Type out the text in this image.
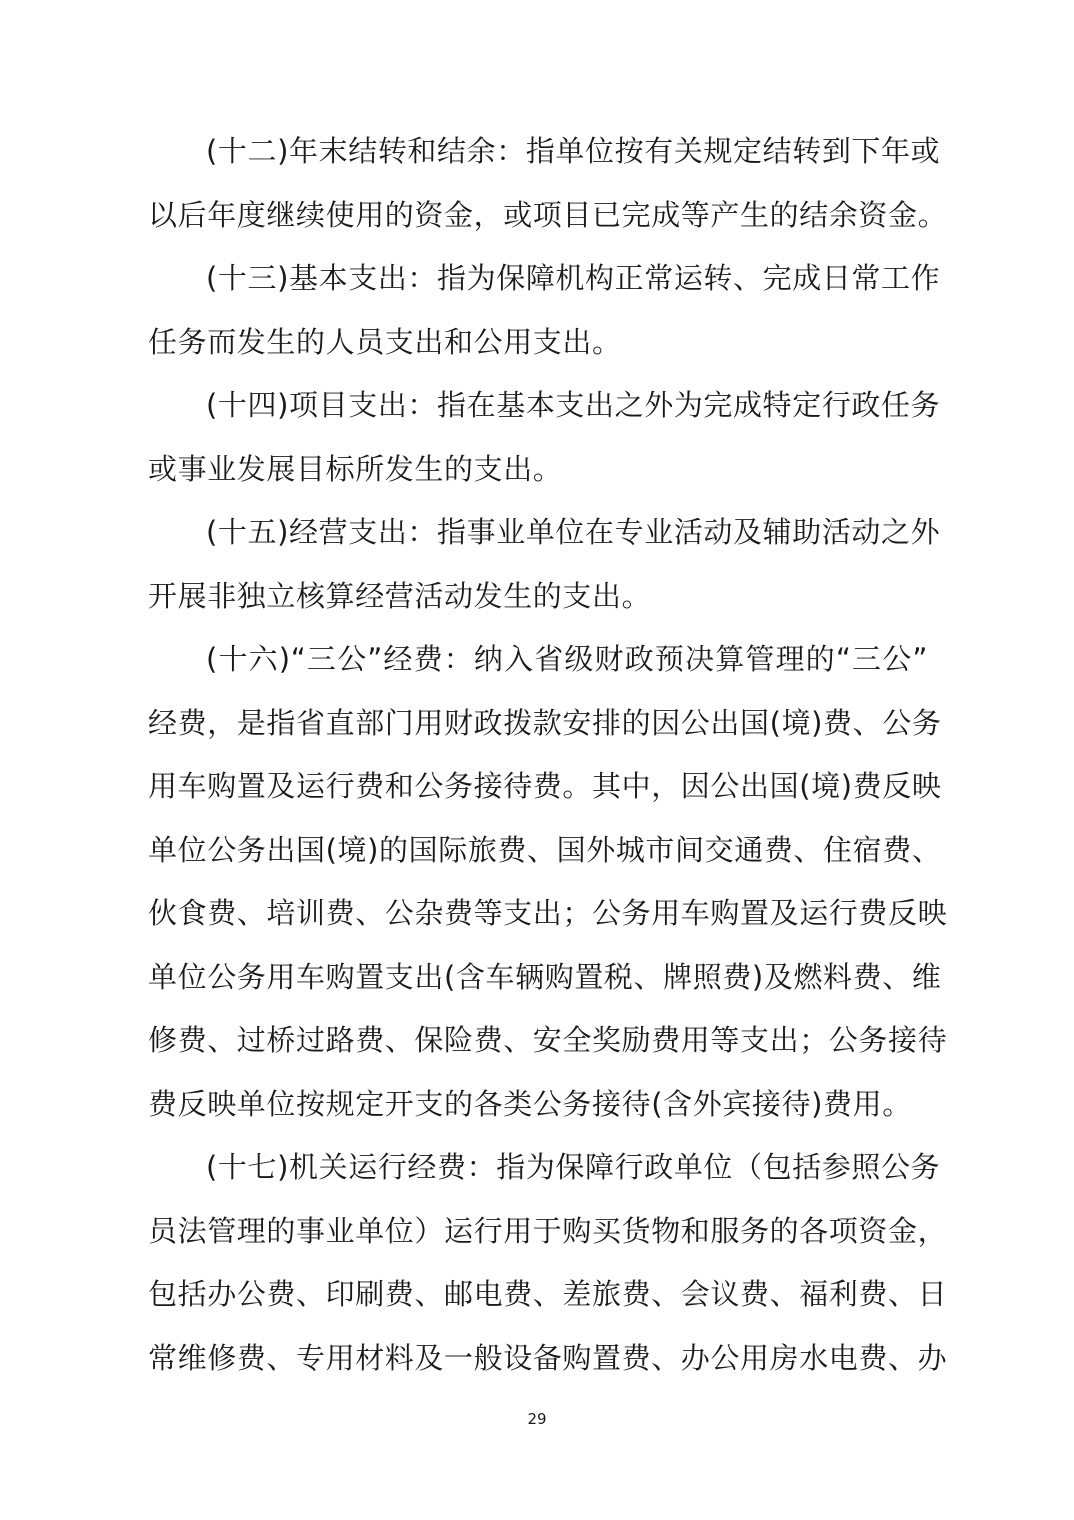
(十二)年末结转和结余：指单位按有关规定结转到下年或
以后年度继续使用的资金，或项目已完成等产生的结余资金。
(十三)基本支出：指为保障机构正常运转、完成日常工作
任务而发生的人员支出和公用支出。
(十四)项目支出：指在基本支出之外为完成特定行政任务
或事业发展目标所发生的支出。
(十五)经营支出：指事业单位在专业活动及辅助活动之外
开展非独立核算经营活动发生的支出。
(十六)“三公”经费：纳入省级财政预决算管理的“三公”
经费，是指省直部门用财政拨款安排的因公出国(境)费、公务
用车购置及运行费和公务接待费。其中，因公出国(境)费反映
单位公务出国(境)的国际旅费、国外城市间交通费、住宿费、
伙食费、培训费、公杂费等支出；公务用车购置及运行费反映
单位公务用车购置支出(含车辆购置税、牌照费)及燃料费、维
修费、过桥过路费、保险费、安全奖励费用等支出；公务接待
费反映单位按规定开支的各类公务接待(含外宾接待)费用。
(十七)机关运行经费：指为保障行政单位（包括参照公务
员法管理的事业单位）运行用于购买货物和服务的各项资金，
包括办公费、印刷费、邮电费、差旅费、会议费、福利费、日
常维修费、专用材料及一般设备购置费、办公用房水电费、办
29
